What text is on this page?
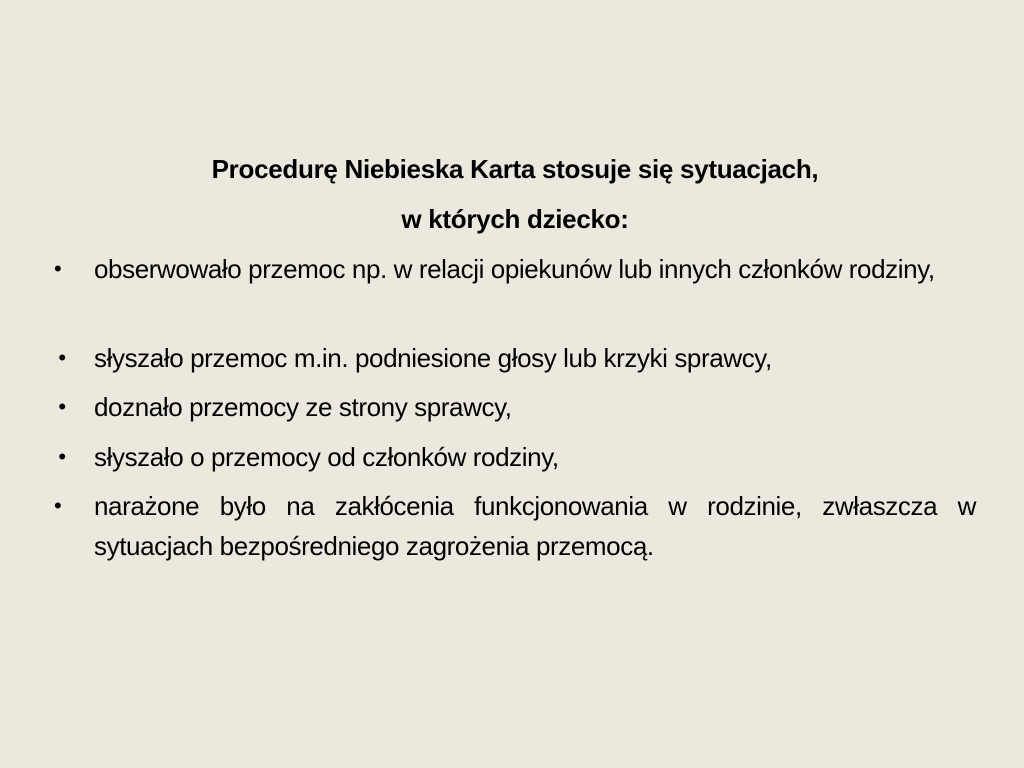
Procedurę Niebieska Karta stosuje się sytuacjach,
w których dziecko:
•	obserwowało przemoc np. w relacji opiekunów lub innych członków rodziny,
• słyszało przemoc m.in. podniesione głosy lub krzyki sprawcy,
• doznało przemocy ze strony sprawcy,
• słyszało o przemocy od członków rodziny,
•	narażone było na zakłócenia funkcjonowania w rodzinie, zwłaszcza w sytuacjach bezpośredniego zagrożenia przemocą.
